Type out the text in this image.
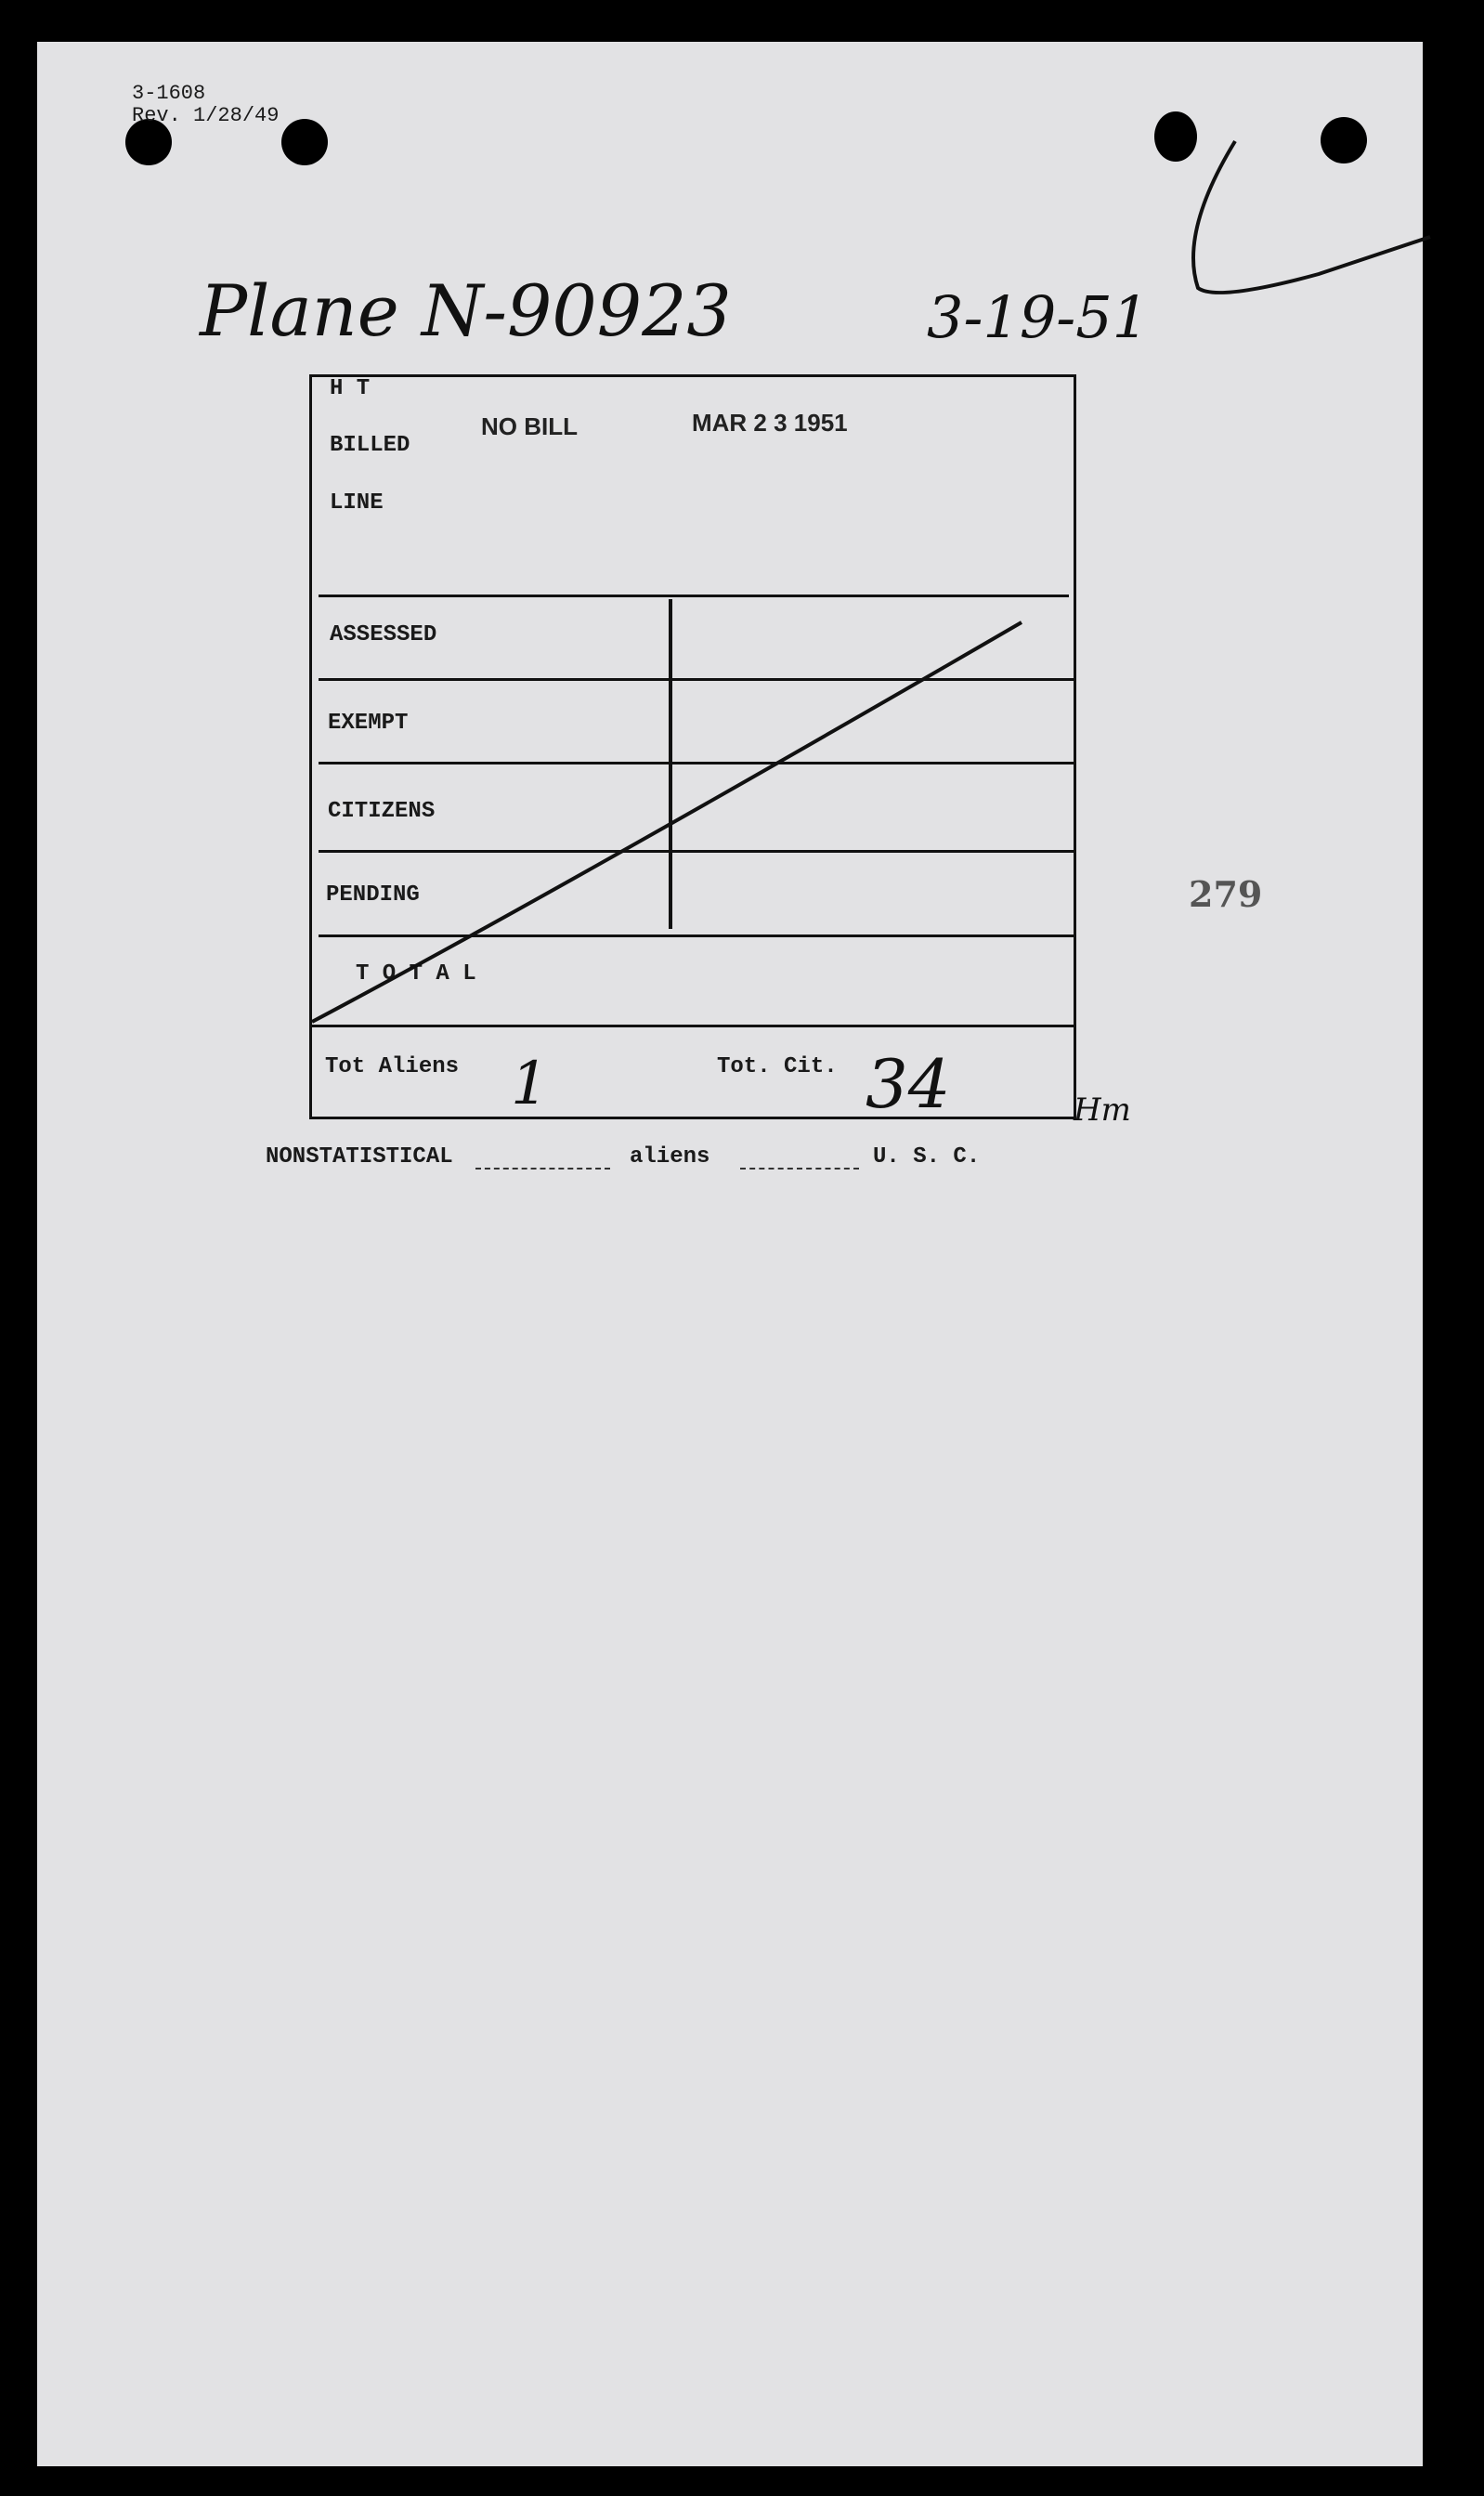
3-1608
Rev. 1/28/49
Plane N-90923	3-19-51
H T
BILLED
LINE
NO BILL	MAR 2 3 1951
ASSESSED
EXEMPT
CITIZENS
PENDING
T O T A L
Tot Aliens 1	Tot. Cit. 34	Hm
NONSTATISTICAL	aliens	U. S. C.
279
